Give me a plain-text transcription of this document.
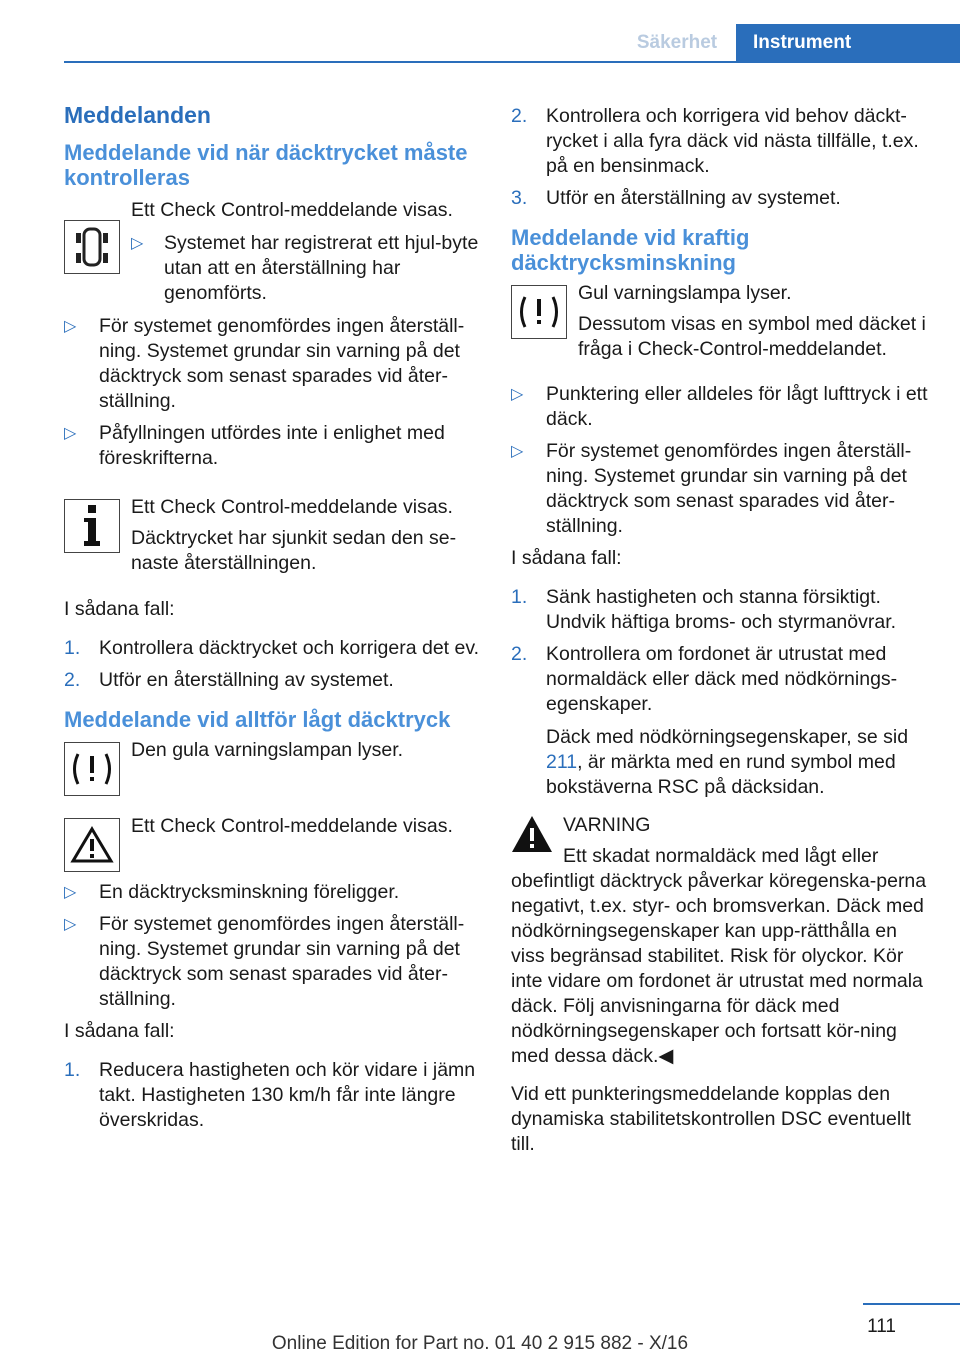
Säkerhet	Instrument
Meddelanden
Meddelande vid när däcktrycket måste kontrolleras

Ett Check Control-meddelande visas.

▷ Systemet har registrerat ett hjul-byte utan att en återställning har genomförts.
▷ För systemet genomfördes ingen återställ-ning. Systemet grundar sin varning på det däcktryck som senast sparades vid åter-ställning.
▷ Påfyllningen utfördes inte i enlighet med föreskrifterna.

Ett Check Control-meddelande visas.

Däcktrycket har sjunkit sedan den se-naste återställningen.

I sådana fall:

1. Kontrollera däcktrycket och korrigera det ev.
2. Utför en återställning av systemet.
Meddelande vid alltför lågt däcktryck

Den gula varningslampan lyser.

Ett Check Control-meddelande visas.

▷ En däcktrycksminskning föreligger.
▷ För systemet genomfördes ingen återställ-ning. Systemet grundar sin varning på det däcktryck som senast sparades vid åter-ställning.

I sådana fall:

1. Reducera hastigheten och kör vidare i jämn takt. Hastigheten 130 km/h får inte längre överskridas.
2. Kontrollera och korrigera vid behov däckt-rycket i alla fyra däck vid nästa tillfälle, t.ex. på en bensinmack.
3. Utför en återställning av systemet.
Meddelande vid kraftig däcktrycksminskning

Gul varningslampa lyser.

Dessutom visas en symbol med däcket i fråga i Check-Control-meddelandet.

▷ Punktering eller alldeles för lågt lufttryck i ett däck.
▷ För systemet genomfördes ingen återställ-ning. Systemet grundar sin varning på det däcktryck som senast sparades vid åter-ställning.

I sådana fall:

1. Sänk hastigheten och stanna försiktigt. Undvik häftiga broms- och styrmanövrar.
2. Kontrollera om fordonet är utrustat med normaldäck eller däck med nödkörnings-egenskaper.

Däck med nödkörningsegenskaper, se sid 211, är märkta med en rund symbol med bokstäverna RSC på däcksidan.

VARNING

Ett skadat normaldäck med lågt eller obefintligt däcktryck påverkar köregenska-perna negativt, t.ex. styr- och bromsverkan. Däck med nödkörningsegenskaper kan upp-rätthålla en viss begränsad stabilitet. Risk för olyckor. Kör inte vidare om fordonet är utrustat med normala däck. Följ anvisningarna för däck med nödkörningsegenskaper och fortsatt kör-ning med dessa däck.◀

Vid ett punkteringsmeddelande kopplas den dynamiska stabilitetskontrollen DSC eventuellt till.

111
Online Edition for Part no. 01 40 2 915 882 - X/16
